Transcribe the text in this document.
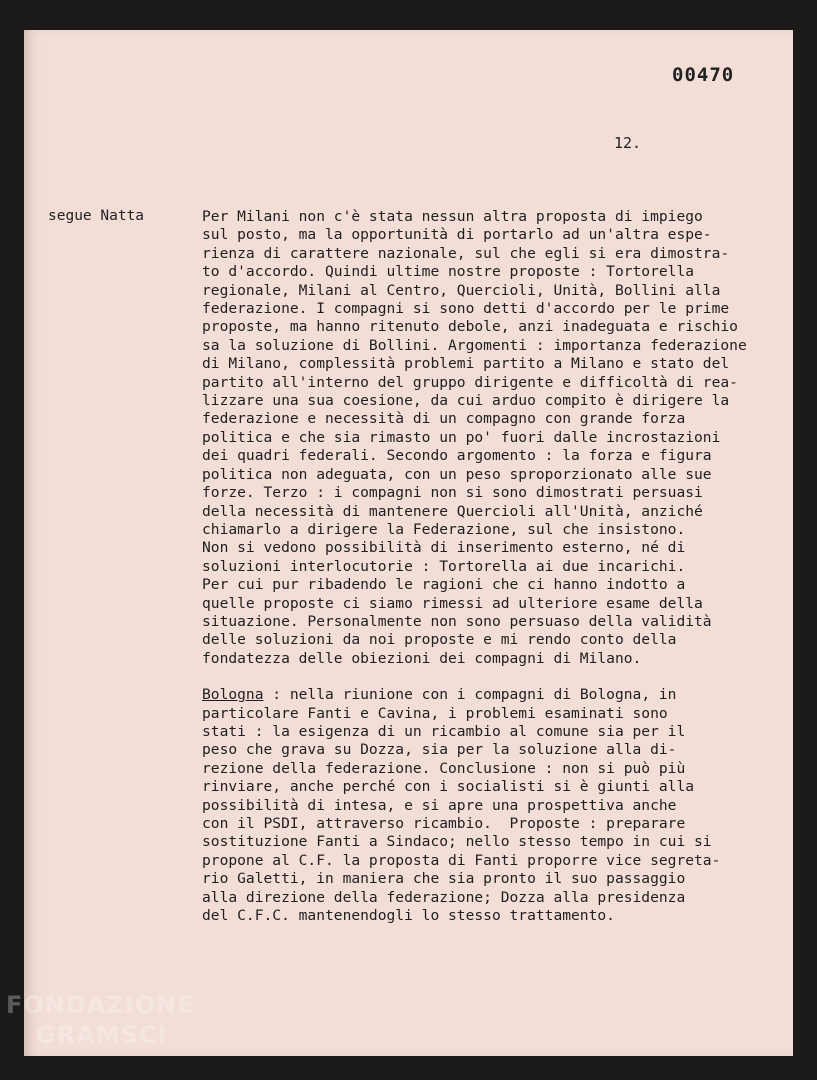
00470
12.
segue Natta	Per Milani non c'è stata nessun altra proposta di impiego
sul posto, ma la opportunità di portarlo ad un'altra espe-
rienza di carattere nazionale, sul che egli si era dimostra-
to d'accordo. Quindi ultime nostre proposte : Tortorella
regionale, Milani al Centro, Quercioli, Unità, Bollini alla
federazione. I compagni si sono detti d'accordo per le prime
proposte, ma hanno ritenuto debole, anzi inadeguata e rischio
sa la soluzione di Bollini. Argomenti : importanza federazione
di Milano, complessità problemi partito a Milano e stato del
partito all'interno del gruppo dirigente e difficoltà di rea-
lizzare una sua coesione, da cui arduo compito è dirigere la
federazione e necessità di un compagno con grande forza
politica e che sia rimasto un po' fuori dalle incrostazioni
dei quadri federali. Secondo argomento : la forza e figura
politica non adeguata, con un peso sproporzionato alle sue
forze. Terzo : i compagni non si sono dimostrati persuasi
della necessità di mantenere Quercioli all'Unità, anziché
chiamarlo a dirigere la Federazione, sul che insistono.
Non si vedono possibilità di inserimento esterno, né di
soluzioni interlocutorie : Tortorella ai due incarichi.
Per cui pur ribadendo le ragioni che ci hanno indotto a
quelle proposte ci siamo rimessi ad ulteriore esame della
situazione. Personalmente non sono persuaso della validità
delle soluzioni da noi proposte e mi rendo conto della
fondatezza delle obiezioni dei compagni di Milano.
Bologna : nella riunione con i compagni di Bologna, in
particolare Fanti e Cavina, i problemi esaminati sono
stati : la esigenza di un ricambio al comune sia per il
peso che grava su Dozza, sia per la soluzione alla di-
rezione della federazione. Conclusione : non si può più
rinviare, anche perché con i socialisti si è giunti alla
possibilità di intesa, e si apre una prospettiva anche
con il PSDI, attraverso ricambio.  Proposte : preparare
sostituzione Fanti a Sindaco; nello stesso tempo in cui si
propone al C.F. la proposta di Fanti proporre vice segreta-
rio Galetti, in maniera che sia pronto il suo passaggio
alla direzione della federazione; Dozza alla presidenza
del C.F.C. mantenendogli lo stesso trattamento.
FONDAZIONE
GRAMSCI
